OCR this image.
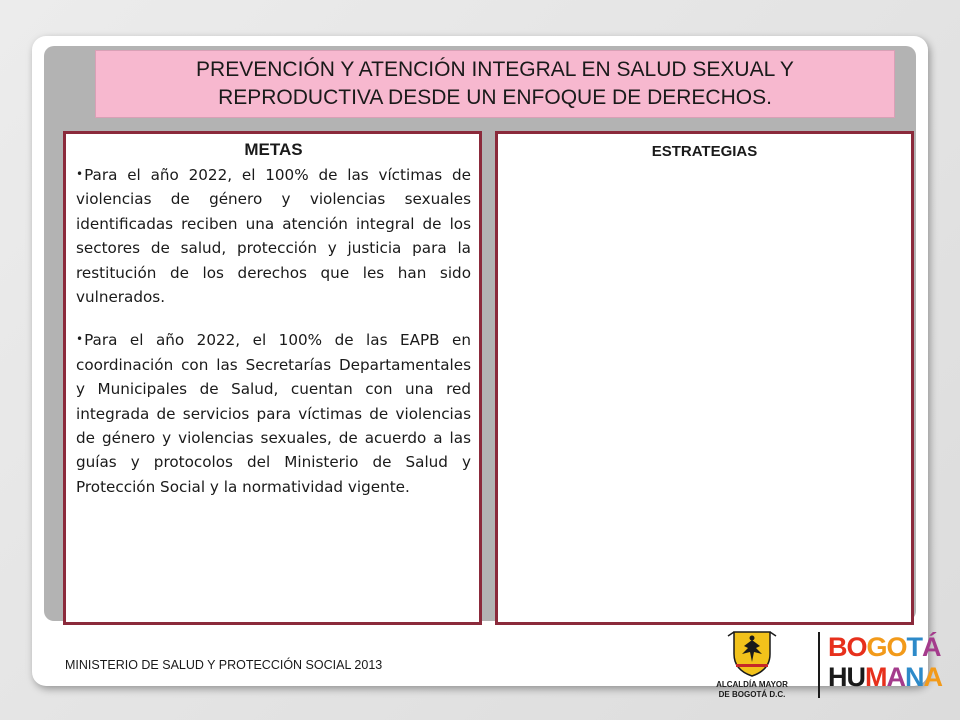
PREVENCIÓN Y ATENCIÓN INTEGRAL EN SALUD SEXUAL Y REPRODUCTIVA DESDE UN ENFOQUE DE DERECHOS.
METAS

•Para el año 2022, el 100% de las víctimas de violencias de género y violencias sexuales identificadas reciben una atención integral de los sectores de salud, protección y justicia para la restitución de los derechos que les han sido vulnerados.

•Para el año 2022, el 100% de las EAPB en coordinación con las Secretarías Departamentales y Municipales de Salud, cuentan con una red integrada de servicios para víctimas de violencias de género y violencias sexuales, de acuerdo a las guías y protocolos del Ministerio de Salud y Protección Social y la normatividad vigente.

ESTRATEGIAS
MINISTERIO DE SALUD Y PROTECCIÓN SOCIAL 2013
ALCALDÍA MAYOR
DE BOGOTÁ D.C.
BOGOTÁ
HUMANA
